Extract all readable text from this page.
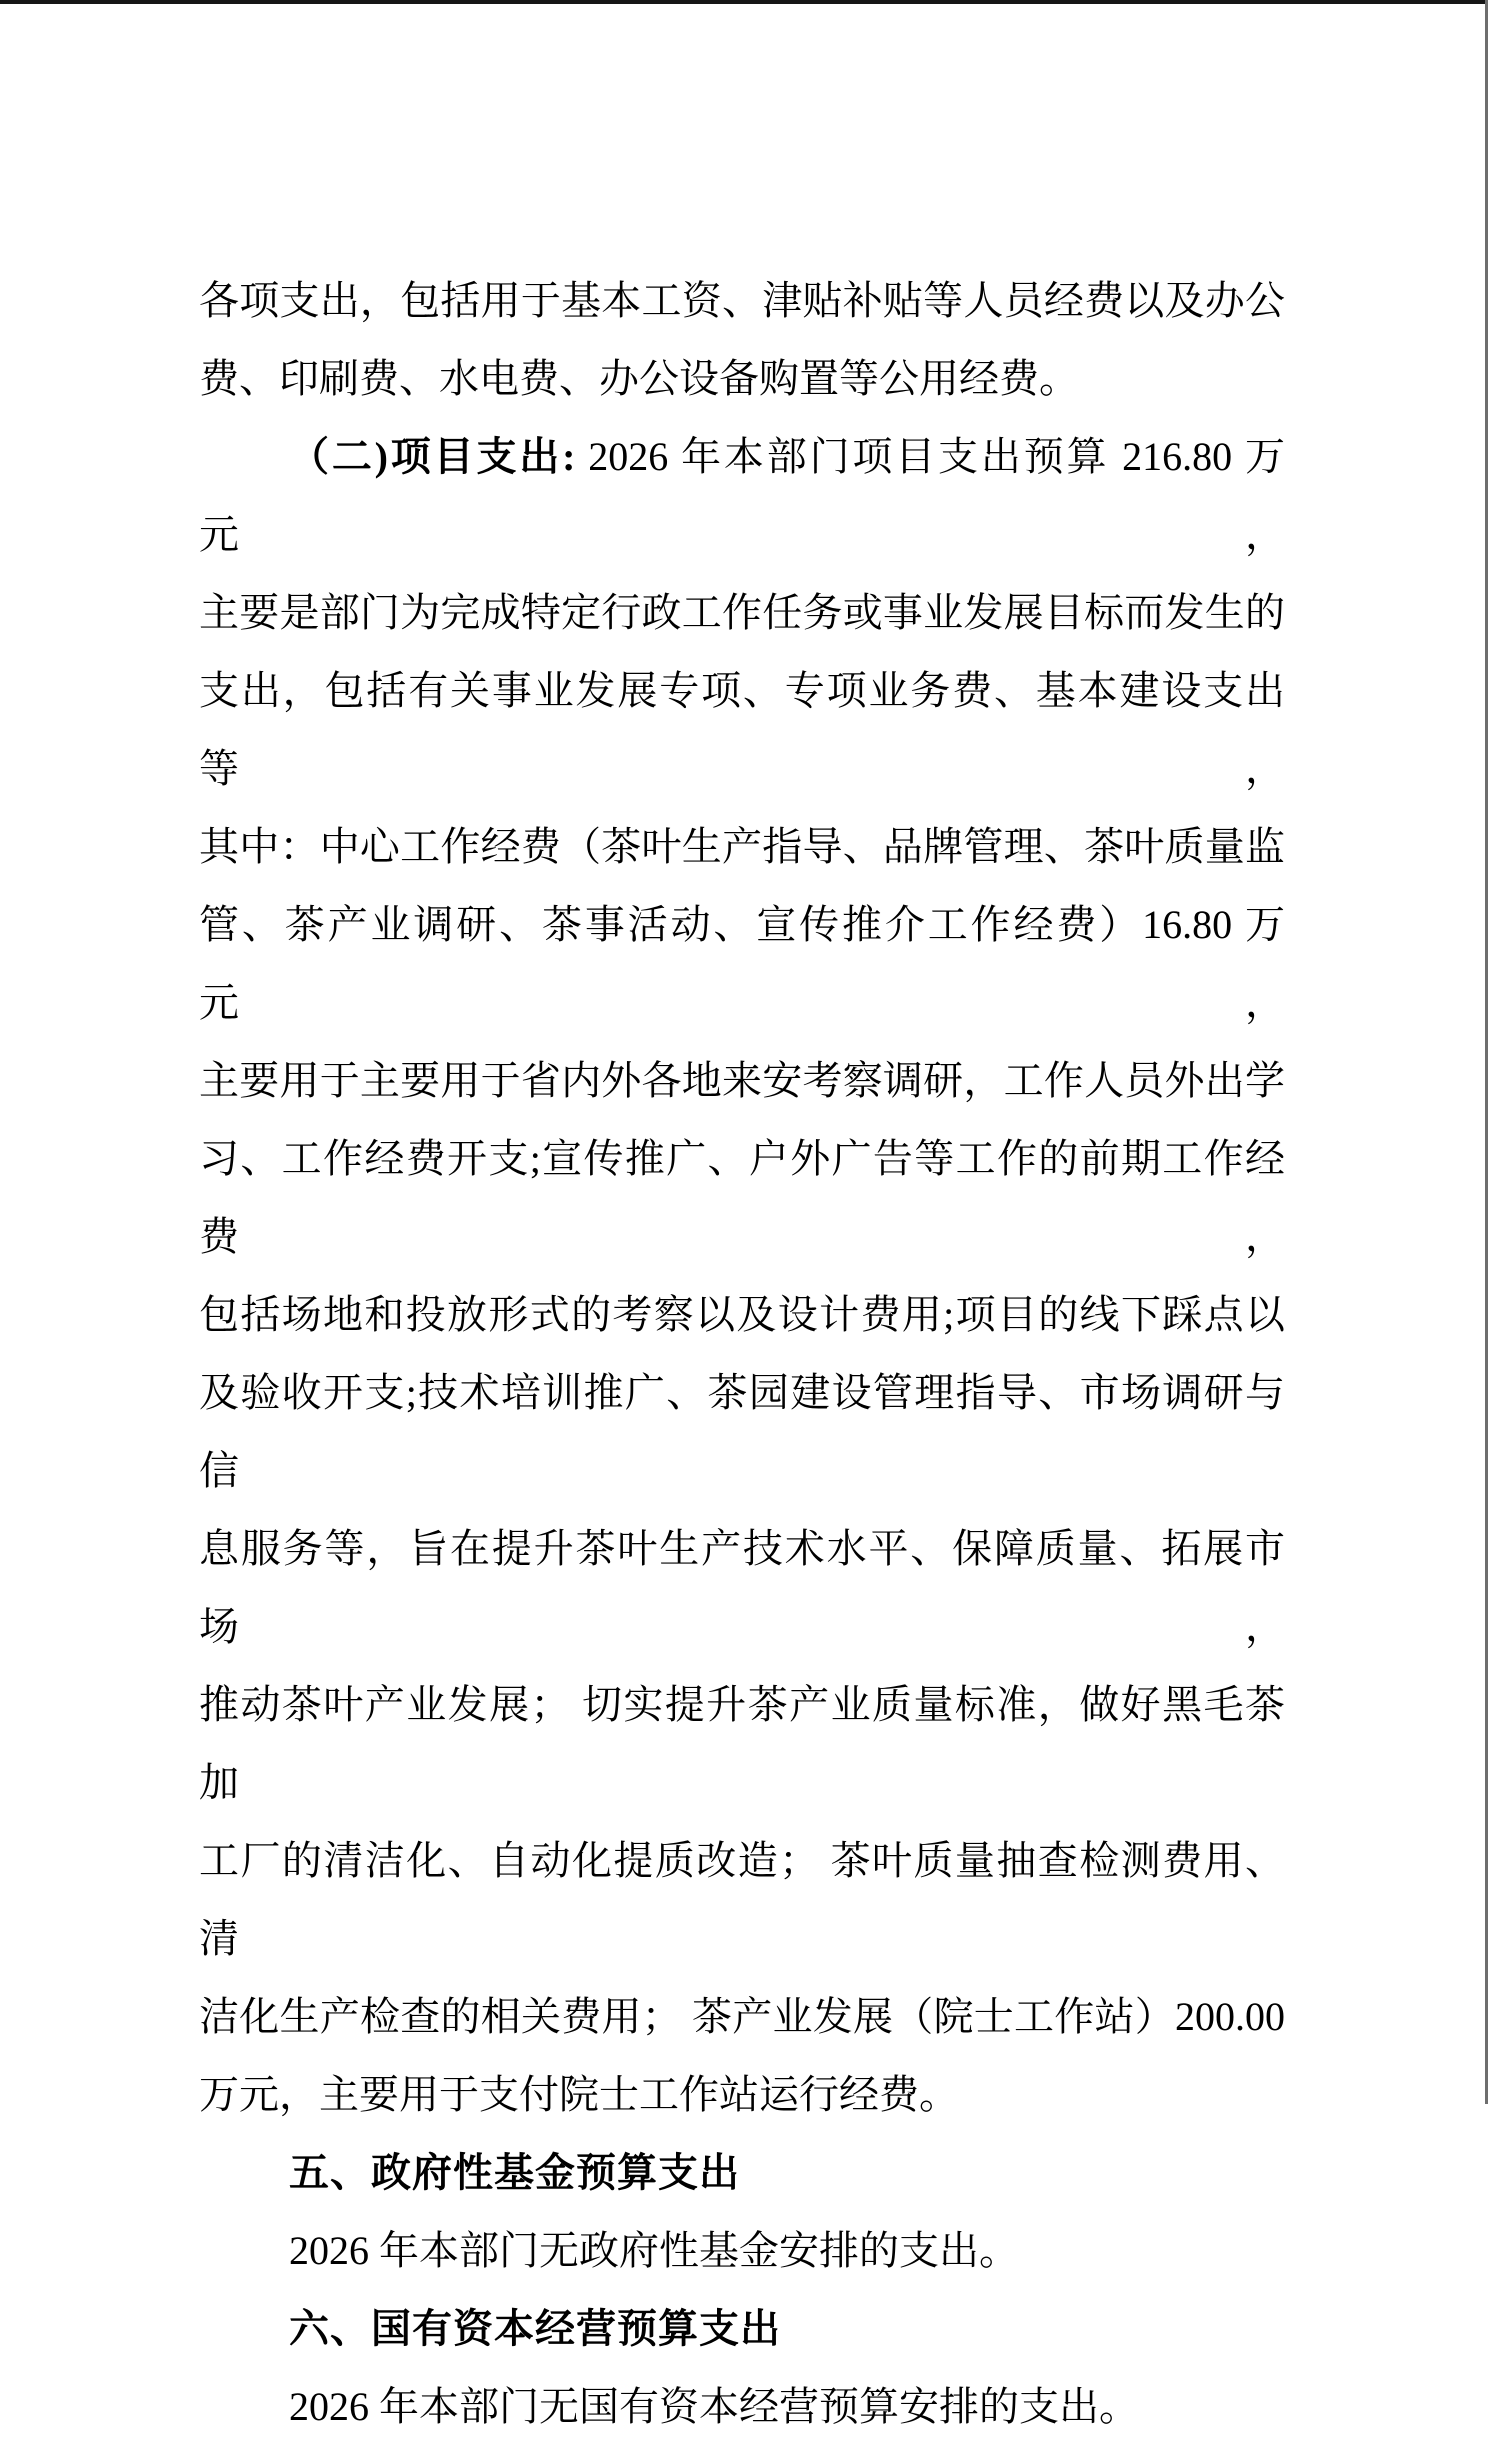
各项支出，包括用于基本工资、津贴补贴等人员经费以及办公
费、印刷费、水电费、办公设备购置等公用经费。
（二)项目支出: 2026 年本部门项目支出预算 216.80 万元，
主要是部门为完成特定行政工作任务或事业发展目标而发生的
支出，包括有关事业发展专项、专项业务费、基本建设支出等，
其中：中心工作经费（茶叶生产指导、品牌管理、茶叶质量监
管、茶产业调研、茶事活动、宣传推介工作经费）16.80 万元，
主要用于主要用于省内外各地来安考察调研，工作人员外出学
习、工作经费开支;宣传推广、户外广告等工作的前期工作经费，
包括场地和投放形式的考察以及设计费用;项目的线下踩点以
及验收开支;技术培训推广、茶园建设管理指导、市场调研与信
息服务等，旨在提升茶叶生产技术水平、保障质量、拓展市场，
推动茶叶产业发展； 切实提升茶产业质量标准，做好黑毛茶加
工厂的清洁化、自动化提质改造； 茶叶质量抽查检测费用、清
洁化生产检查的相关费用； 茶产业发展（院士工作站）200.00
万元，主要用于支付院士工作站运行经费。
五、政府性基金预算支出
2026 年本部门无政府性基金安排的支出。
六、国有资本经营预算支出
2026 年本部门无国有资本经营预算安排的支出。
